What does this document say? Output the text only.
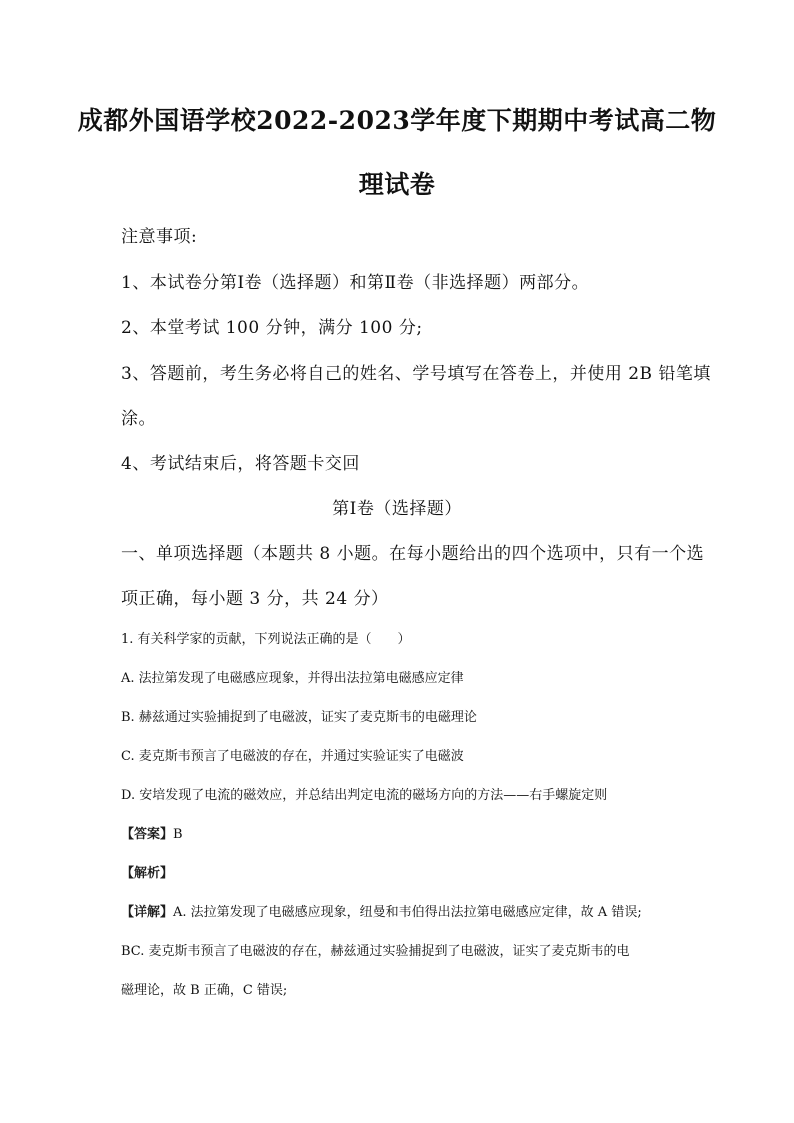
成都外国语学校2022-2023学年度下期期中考试高二物
理试卷
注意事项:
1、本试卷分第Ⅰ卷（选择题）和第Ⅱ卷（非选择题）两部分。
2、本堂考试 100 分钟，满分 100 分;
3、答题前，考生务必将自己的姓名、学号填写在答卷上，并使用 2B 铅笔填
涂。
4、考试结束后，将答题卡交回
第Ⅰ卷（选择题）
一、单项选择题（本题共 8 小题。在每小题给出的四个选项中，只有一个选
项正确，每小题 3 分，共 24 分）
1. 有关科学家的贡献，下列说法正确的是（　　）
A. 法拉第发现了电磁感应现象，并得出法拉第电磁感应定律
B. 赫兹通过实验捕捉到了电磁波，证实了麦克斯韦的电磁理论
C. 麦克斯韦预言了电磁波的存在，并通过实验证实了电磁波
D. 安培发现了电流的磁效应，并总结出判定电流的磁场方向的方法——右手螺旋定则
【答案】B
【解析】
【详解】A. 法拉第发现了电磁感应现象，纽曼和韦伯得出法拉第电磁感应定律，故 A 错误;
BC. 麦克斯韦预言了电磁波的存在，赫兹通过实验捕捉到了电磁波，证实了麦克斯韦的电
磁理论，故 B 正确，C 错误;
